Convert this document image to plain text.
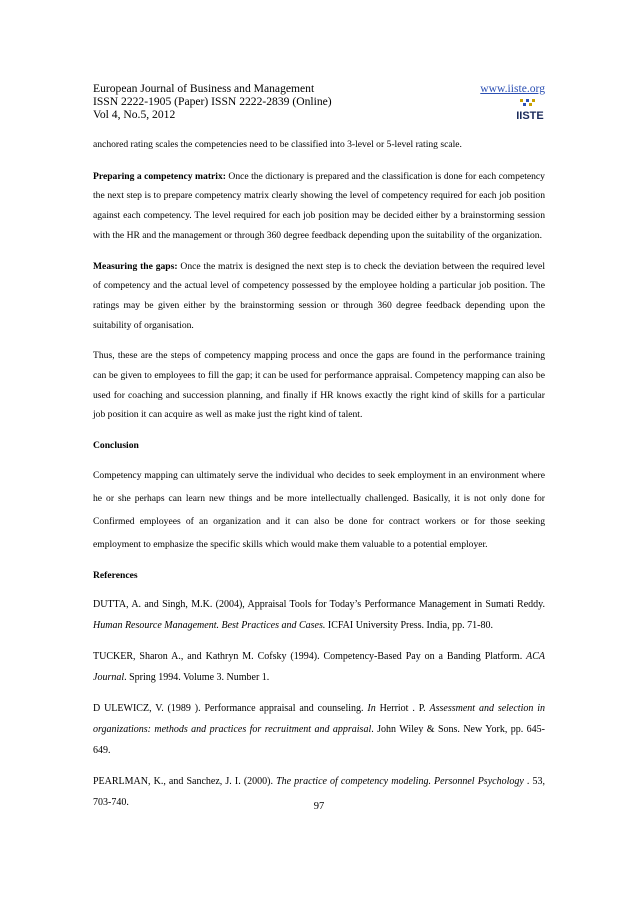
European Journal of Business and Management	www.iiste.org
ISSN 2222-1905 (Paper) ISSN 2222-2839 (Online)
Vol 4, No.5, 2012	IISTE

anchored rating scales the competencies need to be classified into 3-level or 5-level rating scale.

Preparing a competency matrix: Once the dictionary is prepared and the classification is done for each competency the next step is to prepare competency matrix clearly showing the level of competency required for each job position against each competency. The level required for each job position may be decided either by a brainstorming session with the HR and the management or through 360 degree feedback depending upon the suitability of the organization.

Measuring the gaps: Once the matrix is designed the next step is to check the deviation between the required level of competency and the actual level of competency possessed by the employee holding a particular job position. The ratings may be given either by the brainstorming session or through 360 degree feedback depending upon the suitability of organisation.

Thus, these are the steps of competency mapping process and once the gaps are found in the performance training can be given to employees to fill the gap; it can be used for performance appraisal. Competency mapping can also be used for coaching and succession planning, and finally if HR knows exactly the right kind of skills for a particular job position it can acquire as well as make just the right kind of talent.

Conclusion

Competency mapping can ultimately serve the individual who decides to seek employment in an environment where he or she perhaps can learn new things and be more intellectually challenged. Basically, it is not only done for Confirmed employees of an organization and it can also be done for contract workers or for those seeking employment to emphasize the specific skills which would make them valuable to a potential employer.

References

DUTTA, A. and Singh, M.K. (2004), Appraisal Tools for Today’s Performance Management in Sumati Reddy. Human Resource Management. Best Practices and Cases. ICFAI University Press. India, pp. 71-80.

TUCKER, Sharon A., and Kathryn M. Cofsky (1994). Competency-Based Pay on a Banding Platform. ACA Journal. Spring 1994. Volume 3. Number 1.

D ULEWICZ, V. (1989 ). Performance appraisal and counseling. In Herriot . P. Assessment and selection in organizations: methods and practices for recruitment and appraisal. John Wiley & Sons. New York, pp. 645-649.

PEARLMAN, K., and Sanchez, J. I. (2000). The practice of competency modeling. Personnel Psychology . 53, 703-740.	97
